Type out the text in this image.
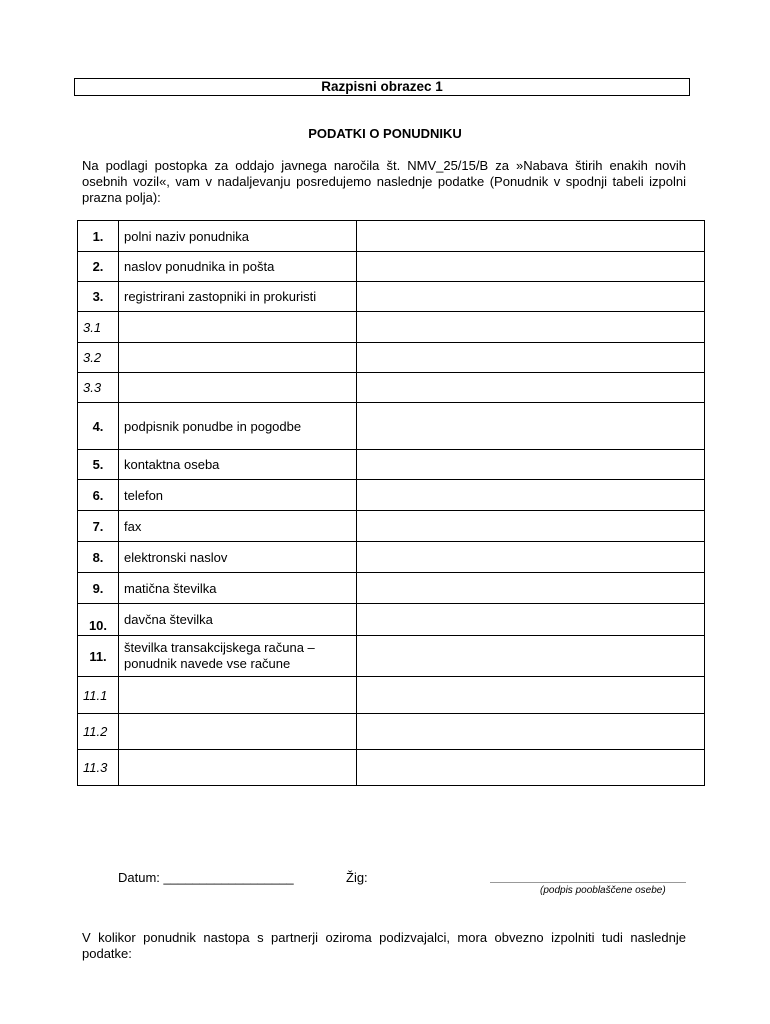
Razpisni obrazec 1
PODATKI O PONUDNIKU
Na podlagi postopka za oddajo javnega naročila št. NMV_25/15/B za »Nabava štirih enakih novih osebnih vozil«, vam v nadaljevanju posredujemo naslednje podatke (Ponudnik v spodnji tabeli izpolni prazna polja):
1.	polni naziv ponudnika	
2.	naslov ponudnika in pošta	
3.	registrirani zastopniki in prokuristi	
3.1		
3.2		
3.3		
4.	podpisnik ponudbe in pogodbe	
5.	kontaktna oseba	
6.	telefon	
7.	fax	
8.	elektronski naslov	
9.	matična številka	
10.	davčna številka	
11.	številka transakcijskega računa – ponudnik navede vse račune	
11.1		
11.2		
11.3		
Datum: __________________	Žig:
(podpis pooblaščene osebe)
V kolikor ponudnik nastopa s partnerji oziroma podizvajalci, mora obvezno izpolniti tudi naslednje podatke:
